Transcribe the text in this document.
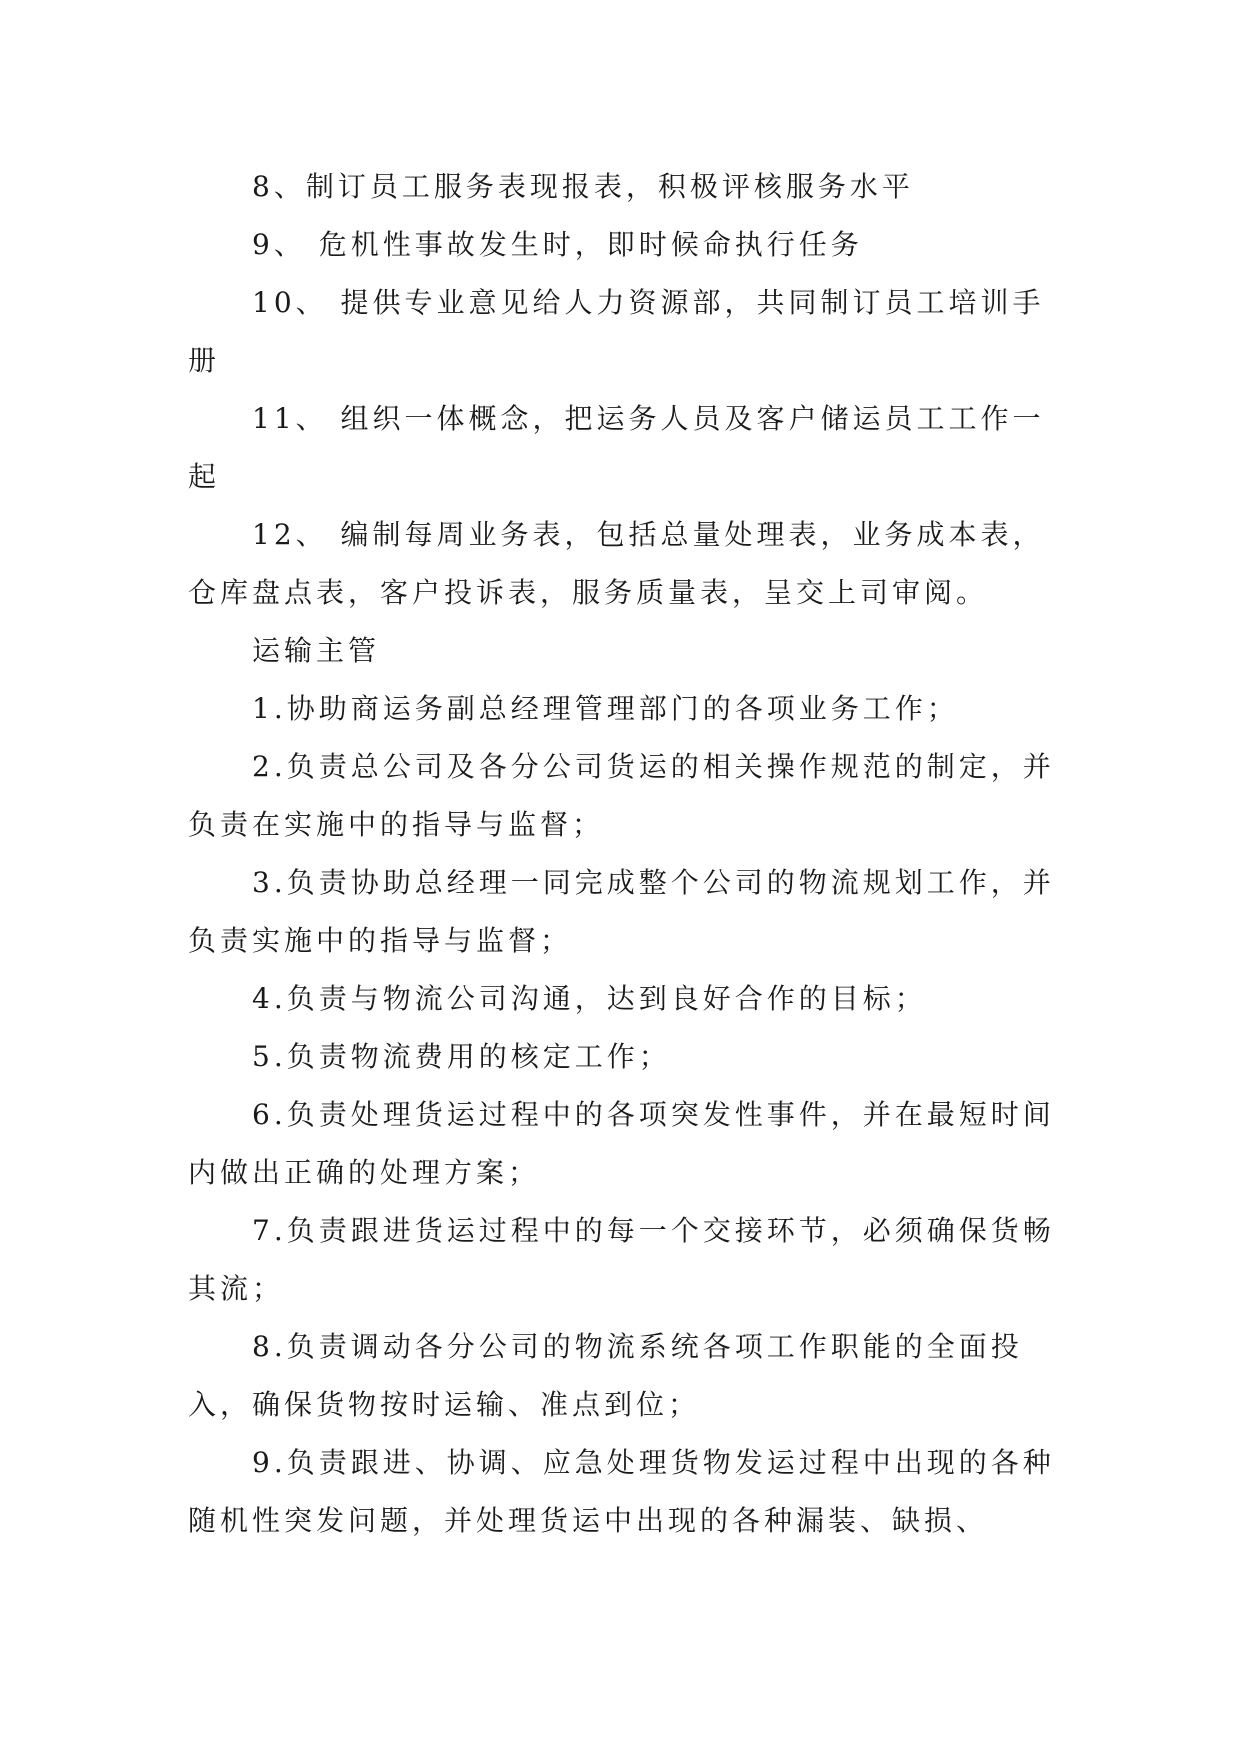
8、制订员工服务表现报表，积极评核服务水平

9、 危机性事故发生时，即时候命执行任务

10、 提供专业意见给人力资源部，共同制订员工培训手册

11、 组织一体概念，把运务人员及客户储运员工工作一起

12、 编制每周业务表，包括总量处理表，业务成本表，仓库盘点表，客户投诉表，服务质量表，呈交上司审阅。

运输主管

1.协助商运务副总经理管理部门的各项业务工作；

2.负责总公司及各分公司货运的相关操作规范的制定，并负责在实施中的指导与监督；

3.负责协助总经理一同完成整个公司的物流规划工作，并负责实施中的指导与监督；

4.负责与物流公司沟通，达到良好合作的目标；

5.负责物流费用的核定工作；

6.负责处理货运过程中的各项突发性事件，并在最短时间内做出正确的处理方案；

7.负责跟进货运过程中的每一个交接环节，必须确保货畅其流；

8.负责调动各分公司的物流系统各项工作职能的全面投入，确保货物按时运输、准点到位；

9.负责跟进、协调、应急处理货物发运过程中出现的各种随机性突发问题，并处理货运中出现的各种漏装、缺损、
